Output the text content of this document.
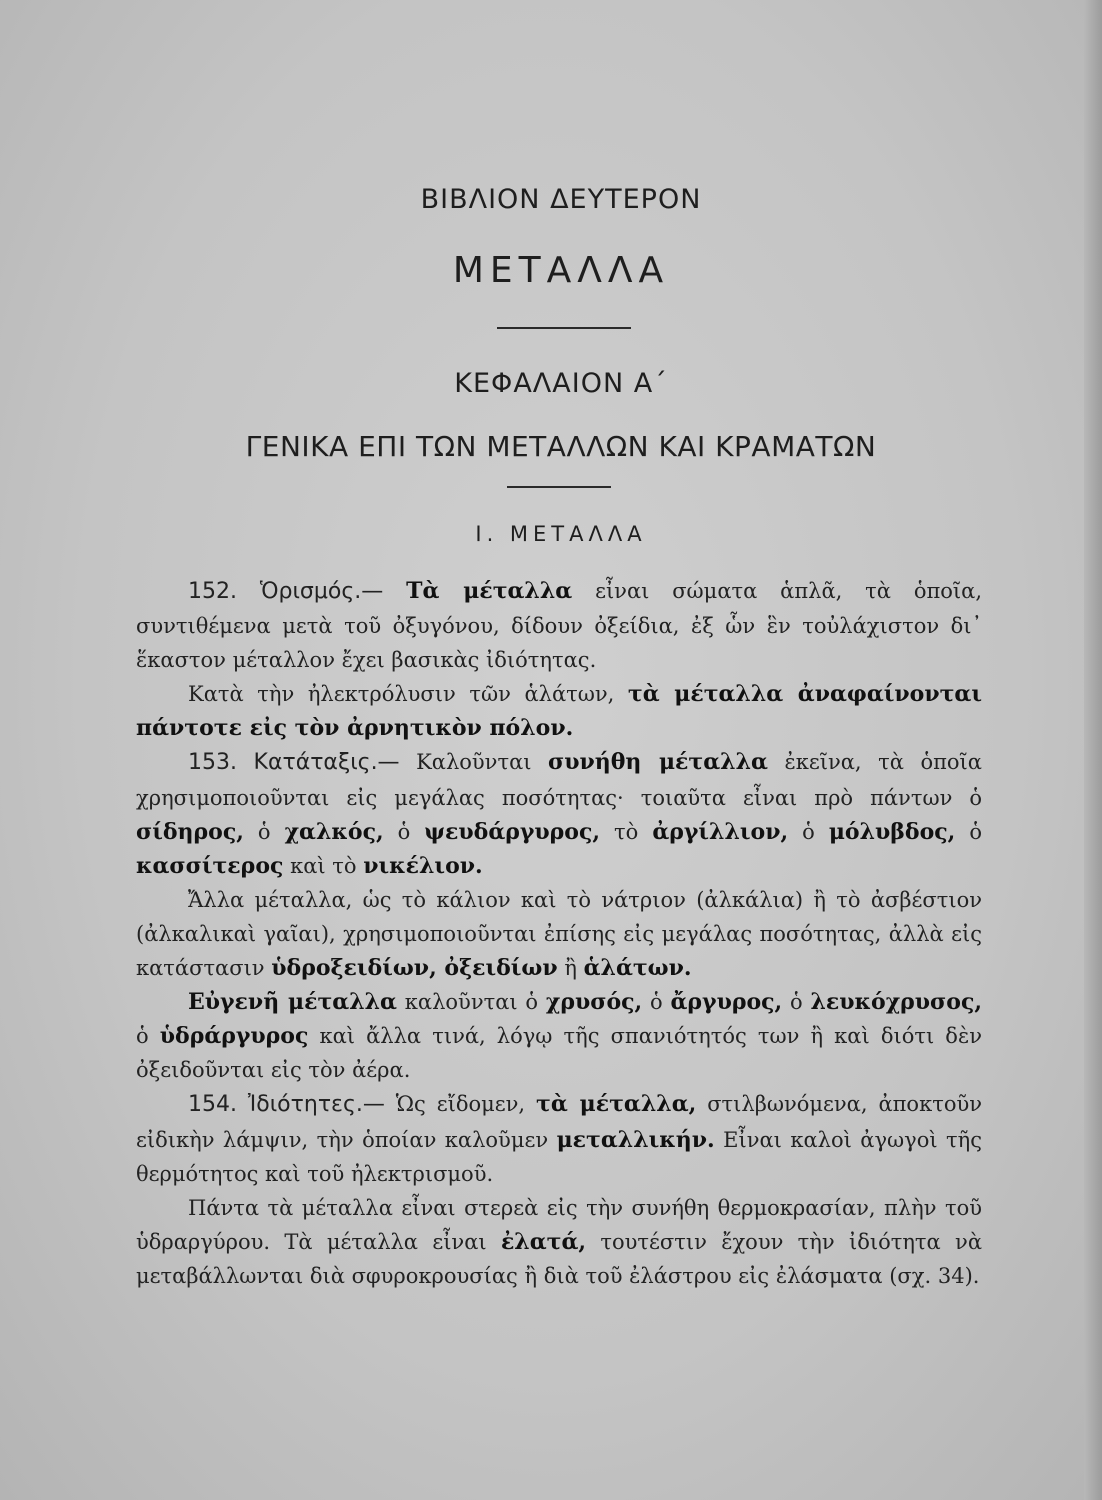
ΒΙΒΛΙΟΝ ΔΕΥΤΕΡΟΝ
ΜΕΤΑΛΛΑ
ΚΕΦΑΛΑΙΟΝ Α΄
ΓΕΝΙΚΑ ΕΠΙ ΤΩΝ ΜΕΤΑΛΛΩΝ ΚΑΙ ΚΡΑΜΑΤΩΝ
Ι. ΜΕΤΑΛΛΑ

152. Ὁρισμός.— Τὰ μέταλλα εἶναι σώματα ἁπλᾶ, τὰ ὁποῖα, συντιθέμενα μετὰ τοῦ ὀξυγόνου, δίδουν ὀξείδια, ἐξ ὧν ἓν τοὐλάχιστον δι᾽ ἕκαστον μέταλλον ἔχει βασικὰς ἰδιότητας.

Κατὰ τὴν ἠλεκτρόλυσιν τῶν ἁλάτων, τὰ μέταλλα ἀναφαίνονται πάντοτε εἰς τὸν ἀρνητικὸν πόλον.

153. Κατάταξις.— Καλοῦνται συνήθη μέταλλα ἐκεῖνα, τὰ ὁποῖα χρησιμοποιοῦνται εἰς μεγάλας ποσότητας· τοιαῦτα εἶναι πρὸ πάντων ὁ σίδηρος, ὁ χαλκός, ὁ ψευδάργυρος, τὸ ἀργίλλιον, ὁ μόλυβδος, ὁ κασσίτερος καὶ τὸ νικέλιον.

Ἄλλα μέταλλα, ὡς τὸ κάλιον καὶ τὸ νάτριον (ἀλκάλια) ἢ τὸ ἀσβέστιον (ἀλκαλικαὶ γαῖαι), χρησιμοποιοῦνται ἐπίσης εἰς μεγάλας ποσότητας, ἀλλὰ εἰς κατάστασιν ὑδροξειδίων, ὀξειδίων ἢ ἁλάτων.

Εὐγενῆ μέταλλα καλοῦνται ὁ χρυσός, ὁ ἄργυρος, ὁ λευκόχρυσος, ὁ ὑδράργυρος καὶ ἄλλα τινά, λόγῳ τῆς σπανιότητός των ἢ καὶ διότι δὲν ὀξειδοῦνται εἰς τὸν ἀέρα.

154. Ἰδιότητες.— Ὡς εἴδομεν, τὰ μέταλλα, στιλβωνόμενα, ἀποκτοῦν εἰδικὴν λάμψιν, τὴν ὁποίαν καλοῦμεν μεταλλικήν. Εἶναι καλοὶ ἀγωγοὶ τῆς θερμότητος καὶ τοῦ ἠλεκτρισμοῦ.

Πάντα τὰ μέταλλα εἶναι στερεὰ εἰς τὴν συνήθη θερμοκρασίαν, πλὴν τοῦ ὑδραργύρου. Τὰ μέταλλα εἶναι ἐλατά, τουτέστιν ἔχουν τὴν ἰδιότητα νὰ μεταβάλλωνται διὰ σφυροκρουσίας ἢ διὰ τοῦ ἐλάστρου εἰς ἐλάσματα (σχ. 34).
